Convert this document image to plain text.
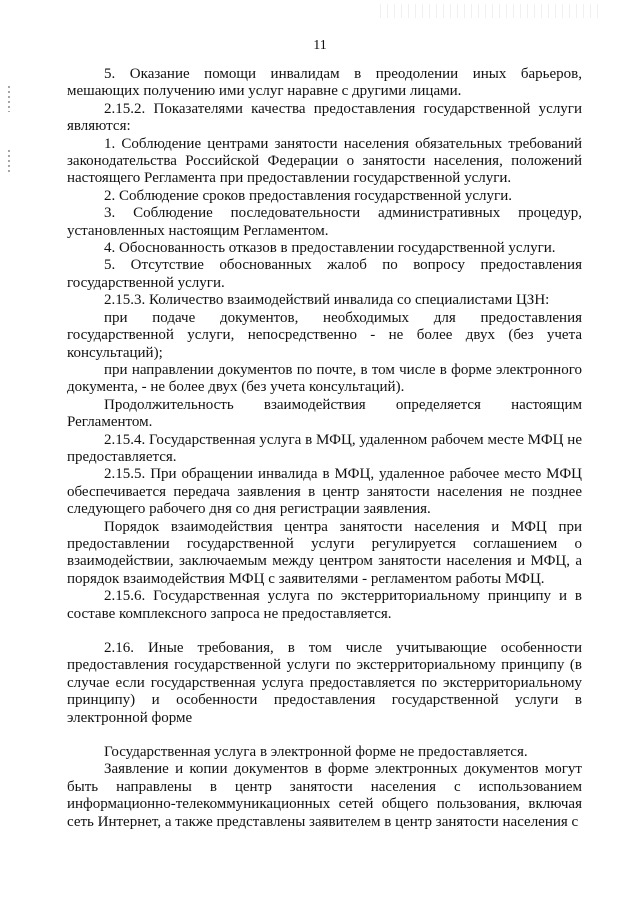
11

5. Оказание помощи инвалидам в преодолении иных барьеров, мешающих получению ими услуг наравне с другими лицами.

2.15.2. Показателями качества предоставления государственной услуги являются:

1. Соблюдение центрами занятости населения обязательных требований законодательства Российской Федерации о занятости населения, положений настоящего Регламента при предоставлении государственной услуги.

2. Соблюдение сроков предоставления государственной услуги.

3. Соблюдение последовательности административных процедур, установленных настоящим Регламентом.

4. Обоснованность отказов в предоставлении государственной услуги.

5. Отсутствие обоснованных жалоб по вопросу предоставления государственной услуги.

2.15.3. Количество взаимодействий инвалида со специалистами ЦЗН:

при подаче документов, необходимых для предоставления государственной услуги, непосредственно - не более двух (без учета консультаций);

при направлении документов по почте, в том числе в форме электронного документа, - не более двух (без учета консультаций).

Продолжительность взаимодействия определяется настоящим Регламентом.

2.15.4. Государственная услуга в МФЦ, удаленном рабочем месте МФЦ не предоставляется.

2.15.5. При обращении инвалида в МФЦ, удаленное рабочее место МФЦ обеспечивается передача заявления в центр занятости населения не позднее следующего рабочего дня со дня регистрации заявления.

Порядок взаимодействия центра занятости населения и МФЦ при предоставлении государственной услуги регулируется соглашением о взаимодействии, заключаемым между центром занятости населения и МФЦ, а порядок взаимодействия МФЦ с заявителями - регламентом работы МФЦ.

2.15.6. Государственная услуга по экстерриториальному принципу и в составе комплексного запроса не предоставляется.

2.16. Иные требования, в том числе учитывающие особенности предоставления государственной услуги по экстерриториальному принципу (в случае если государственная услуга предоставляется по экстерриториальному принципу) и особенности предоставления государственной услуги в электронной форме

Государственная услуга в электронной форме не предоставляется.

Заявление и копии документов в форме электронных документов могут быть направлены в центр занятости населения с использованием информационно-телекоммуникационных сетей общего пользования, включая сеть Интернет, а также представлены заявителем в центр занятости населения с
